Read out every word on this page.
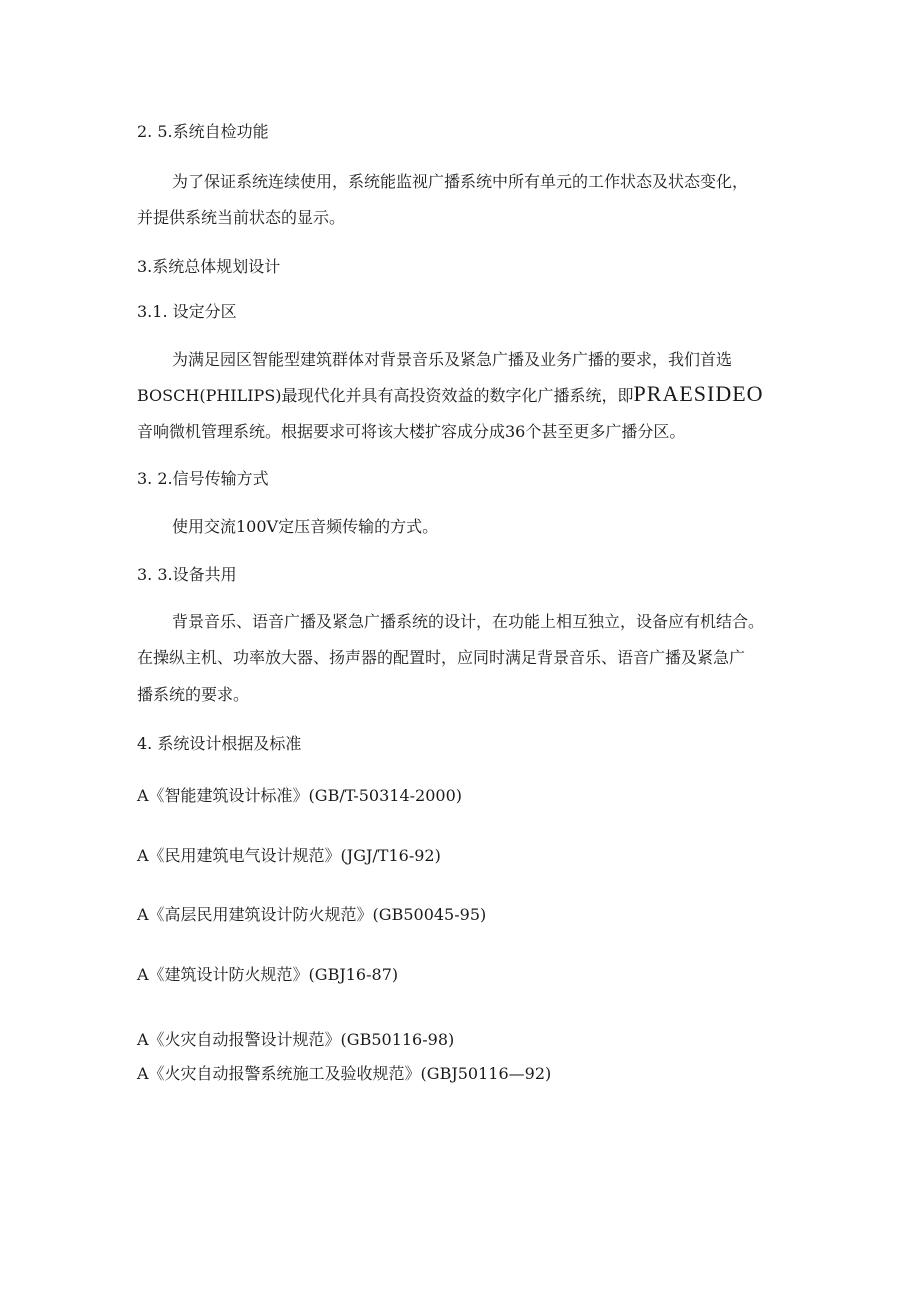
2. 5.系统自检功能
为了保证系统连续使用，系统能监视广播系统中所有单元的工作状态及状态变化，
并提供系统当前状态的显示。
3.系统总体规划设计
3.1. 设定分区
为满足园区智能型建筑群体对背景音乐及紧急广播及业务广播的要求，我们首选
BOSCH(PHILIPS)最现代化并具有高投资效益的数字化广播系统，即PRAESIDEO
音响微机管理系统。根据要求可将该大楼扩容成分成36个甚至更多广播分区。
3. 2.信号传输方式
使用交流100V定压音频传输的方式。
3. 3.设备共用
背景音乐、语音广播及紧急广播系统的设计，在功能上相互独立，设备应有机结合。
在操纵主机、功率放大器、扬声器的配置时，应同时满足背景音乐、语音广播及紧急广
播系统的要求。
4. 系统设计根据及标准
A《智能建筑设计标准》(GB/T-50314-2000)
A《民用建筑电气设计规范》(JGJ/T16-92)
A《高层民用建筑设计防火规范》(GB50045-95)
A《建筑设计防火规范》(GBJ16-87)
A《火灾自动报警设计规范》(GB50116-98)
A《火灾自动报警系统施工及验收规范》(GBJ50116—92)
